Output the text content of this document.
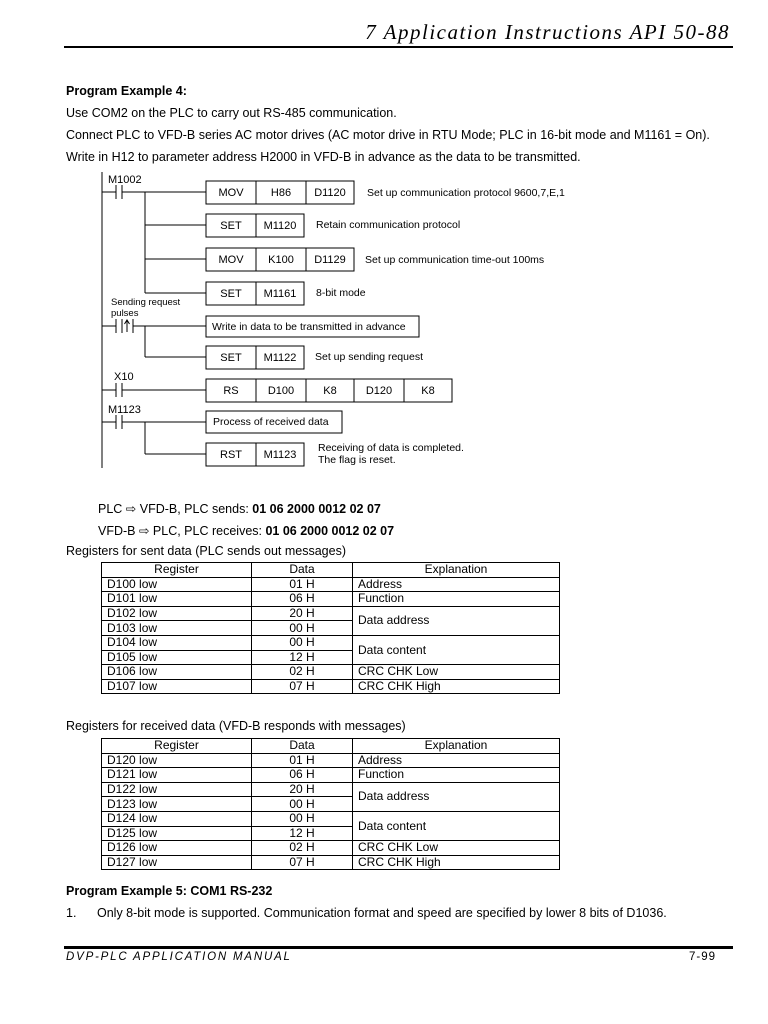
7 Application Instructions API 50-88
Program Example 4:
Use COM2 on the PLC to carry out RS-485 communication.
Connect PLC to VFD-B series AC motor drives (AC motor drive in RTU Mode; PLC in 16-bit mode and M1161 = On).
Write in H12 to parameter address H2000 in VFD-B in advance as the data to be transmitted.
M1002
MOV H86 D1120 Set up communication protocol 9600,7,E,1
SET M1120 Retain communication protocol
MOV K100 D1129 Set up communication time-out 100ms
SET M1161 8-bit mode
Sending request
pulses
Write in data to be transmitted in advance
SET M1122 Set up sending request
X10
RS	D100	K8	D120	K8
M1123
Process of received data
RST M1123
Receiving of data is completed.
The flag is reset.
PLC ⇨ VFD-B, PLC sends: 01 06 2000 0012 02 07
VFD-B ⇨ PLC, PLC receives: 01 06 2000 0012 02 07
Registers for sent data (PLC sends out messages)
Register	Data	Explanation
D100 low	01 H	Address
D101 low	06 H	Function
D102 low	20 H	Data address
D103 low	00 H	
D104 low	00 H	Data content
D105 low	12 H	
D106 low	02 H	CRC CHK Low
D107 low	07 H	CRC CHK High
Registers for received data (VFD-B responds with messages)
Register	Data	Explanation
D120 low	01 H	Address
D121 low	06 H	Function
D122 low	20 H	Data address
D123 low	00 H	
D124 low	00 H	Data content
D125 low	12 H	
D126 low	02 H	CRC CHK Low
D127 low	07 H	CRC CHK High
Program Example 5: COM1 RS-232
1. Only 8-bit mode is supported. Communication format and speed are specified by lower 8 bits of D1036.
DVP-PLC APPLICATION MANUAL	7-99
